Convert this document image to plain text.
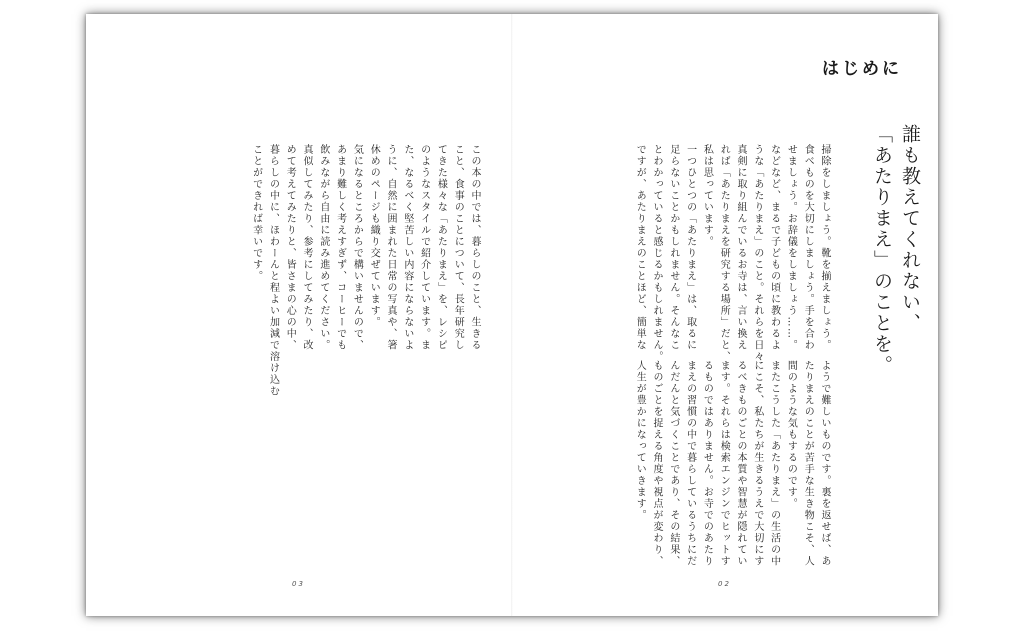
はじめに
誰も教えてくれない、
「あたりまえ」のことを。
掃除をしましょう。靴を揃えましょう。
食べものを大切にしましょう。手を合わ
せましょう。お辞儀をしましょう……。
などなど、まるで子どもの頃に教わるよ
うな「あたりまえ」のこと。それらを日々
真剣に取り組んでいるお寺は、言い換え
れば「あたりまえを研究する場所」だと、
私は思っています。
一つひとつの「あたりまえ」は、取るに
足らないことかもしれません。そんなこ
とわかっていると感じるかもしれません。
ですが、あたりまえのことほど、簡単な
ようで難しいものです。裏を返せば、あ
たりまえのことが苦手な生き物こそ、人
間のような気もするのです。
またこうした「あたりまえ」の生活の中
にこそ、私たちが生きるうえで大切にす
るべきものごとの本質や智慧が隠れてい
ます。それらは検索エンジンでヒットす
るものではありません。お寺でのあたり
まえの習慣の中で暮らしているうちにだ
んだんと気づくことであり、その結果、
ものごとを捉える角度や視点が変わり、
人生が豊かになっていきます。
この本の中では、暮らしのこと、生きる
こと、食事のことについて、長年研究し
てきた様々な「あたりまえ」を、レシピ
のようなスタイルで紹介しています。ま
た、なるべく堅苦しい内容にならないよ
うに、自然に囲まれた日常の写真や、箸
休めのページも織り交ぜています。
気になるところからで構いませんので、
あまり難しく考えすぎず、コーヒーでも
飲みながら自由に読み進めてください。
真似してみたり、参考にしてみたり、改
めて考えてみたりと、皆さまの心の中、
暮らしの中に、ほわーんと程よい加減で溶け込む
ことができれば幸いです。
02
03
